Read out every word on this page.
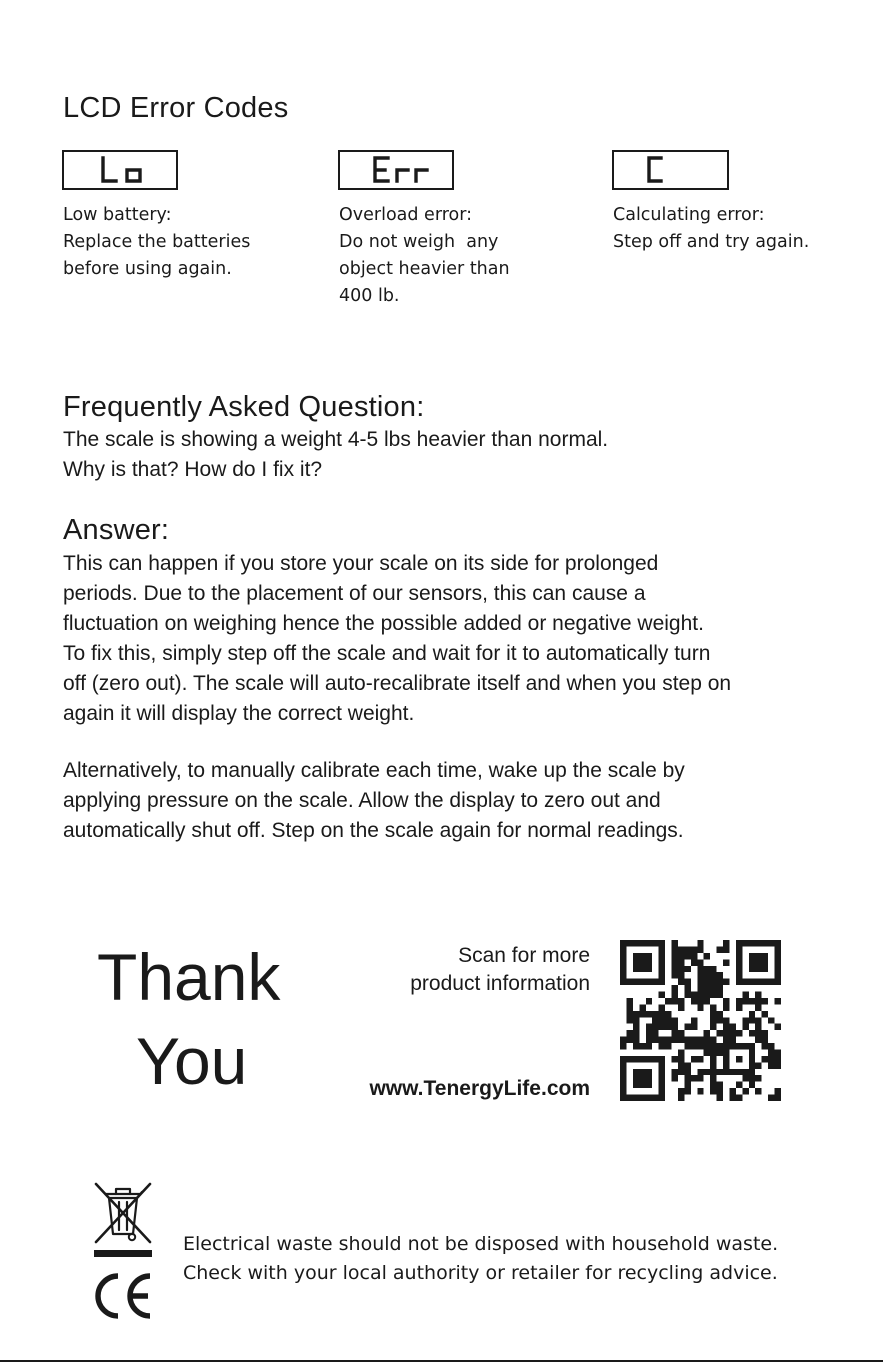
LCD Error Codes
Low battery:
Replace the batteries
before using again.
Overload error:
Do not weigh  any
object heavier than
400 lb.
Calculating error:
Step off and try again.
Frequently Asked Question:
The scale is showing a weight 4-5 lbs heavier than normal.
Why is that? How do I fix it?
Answer:
This can happen if you store your scale on its side for prolonged
periods. Due to the placement of our sensors, this can cause a
fluctuation on weighing hence the possible added or negative weight.
To fix this, simply step off the scale and wait for it to automatically turn
off (zero out). The scale will auto-recalibrate itself and when you step on
again it will display the correct weight.
Alternatively, to manually calibrate each time, wake up the scale by
applying pressure on the scale. Allow the display to zero out and
automatically shut off. Step on the scale again for normal readings.
Thank
You
Scan for more
product information
www.TenergyLife.com
Electrical waste should not be disposed with household waste.
Check with your local authority or retailer for recycling advice.
